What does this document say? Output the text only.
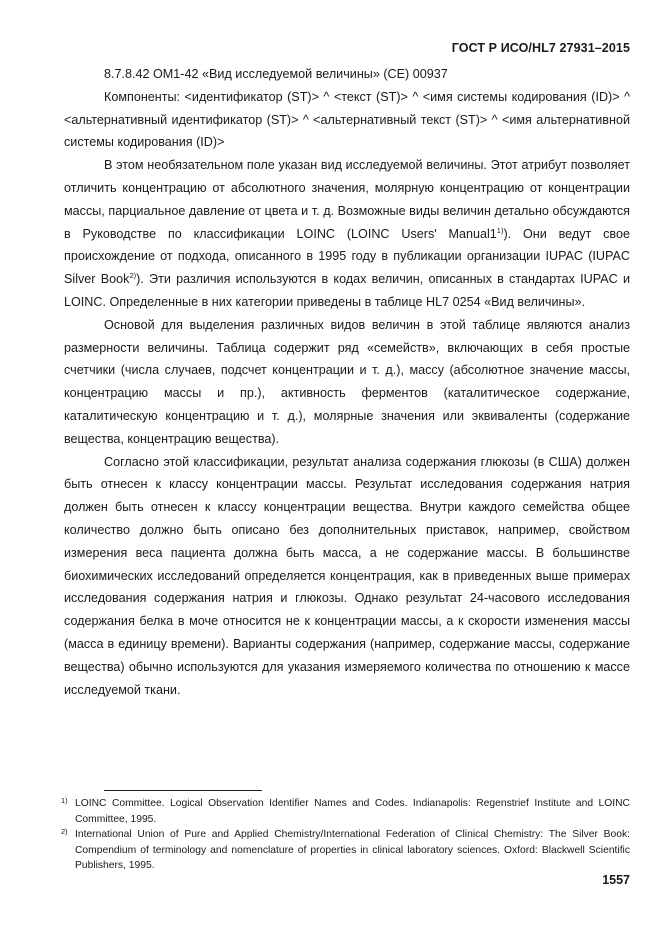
ГОСТ Р ИСО/HL7 27931–2015

8.7.8.42 OM1-42 «Вид исследуемой величины» (CE) 00937

Компоненты: <идентификатор (ST)> ^ <текст (ST)> ^ <имя системы кодирования (ID)> ^ <альтернативный идентификатор (ST)> ^ <альтернативный текст (ST)> ^ <имя альтернативной системы кодирования (ID)>

В этом необязательном поле указан вид исследуемой величины. Этот атрибут позволяет отличить концентрацию от абсолютного значения, молярную концентрацию от концентрации массы, парциальное давление от цвета и т. д. Возможные виды величин детально обсуждаются в Руководстве по классификации LOINC (LOINC Users' Manual1$^{1)}$). Они ведут свое происхождение от подхода, описанного в 1995 году в публикации организации IUPAC (IUPAC Silver Book$^{2)}$). Эти различия используются в кодах величин, описанных в стандартах IUPAC и LOINC. Определенные в них категории приведены в таблице HL7 0254 «Вид величины».

Основой для выделения различных видов величин в этой таблице являются анализ размерности величины. Таблица содержит ряд «семейств», включающих в себя простые счетчики (числа случаев, подсчет концентрации и т. д.), массу (абсолютное значение массы, концентрацию массы и пр.), активность ферментов (каталитическое содержание, каталитическую концентрацию и т. д.), молярные значения или эквиваленты (содержание вещества, концентрацию вещества).

Согласно этой классификации, результат анализа содержания глюкозы (в США) должен быть отнесен к классу концентрации массы. Результат исследования содержания натрия должен быть отнесен к классу концентрации вещества. Внутри каждого семейства общее количество должно быть описано без дополнительных приставок, например, свойством измерения веса пациента должна быть масса, а не содержание массы. В большинстве биохимических исследований определяется концентрация, как в приведенных выше примерах исследования содержания натрия и глюкозы. Однако результат 24-часового исследования содержания белка в моче относится не к концентрации массы, а к скорости изменения массы (масса в единицу времени). Варианты содержания (например, содержание массы, содержание вещества) обычно используются для указания измеряемого количества по отношению к массе исследуемой ткани.

1) LOINC Committee. Logical Observation Identifier Names and Codes. Indianapolis: Regenstrief Institute and LOINC Committee, 1995.
2) International Union of Pure and Applied Chemistry/International Federation of Clinical Chemistry: The Silver Book: Compendium of terminology and nomenclature of properties in clinical laboratory sciences. Oxford: Blackwell Scientific Publishers, 1995.
1557
